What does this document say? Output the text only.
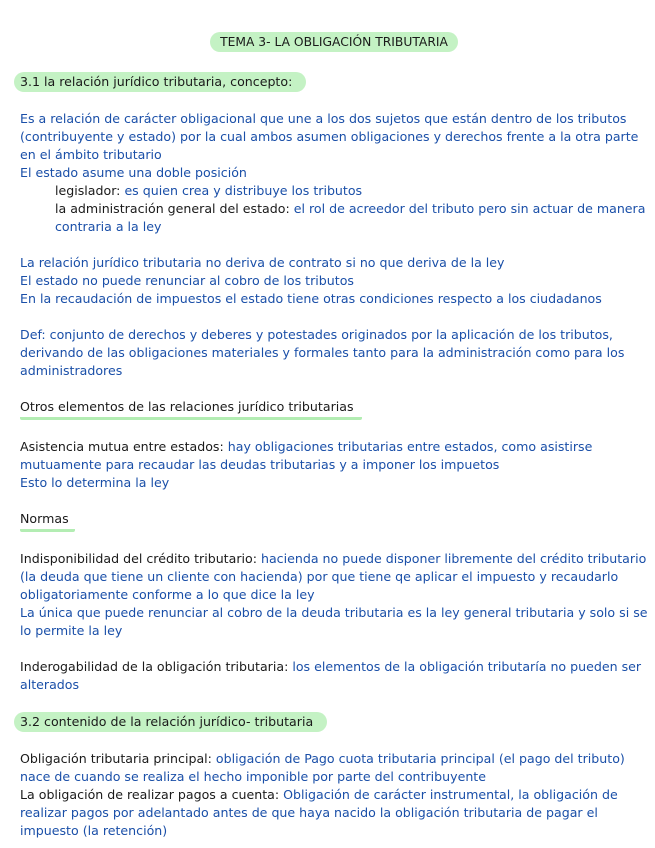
TEMA 3- LA OBLIGACIÓN TRIBUTARIA
3.1 la relación jurídico tributaria, concepto:

Es a relación de carácter obligacional que une a los dos sujetos que están dentro de los tributos (contribuyente y estado) por la cual ambos asumen obligaciones y derechos frente a la otra parte en el ámbito tributario

El estado asume una doble posición

legislador: es quien crea y distribuye los tributos

la administración general del estado: el rol de acreedor del tributo pero sin actuar de manera contraria a la ley

La relación jurídico tributaria no deriva de contrato si no que deriva de la ley

El estado no puede renunciar al cobro de los tributos

En la recaudación de impuestos el estado tiene otras condiciones respecto a los ciudadanos

Def: conjunto de derechos y deberes y potestades originados por la aplicación de los tributos, derivando de las obligaciones materiales y formales tanto para la administración como para los administradores

Otros elementos de las relaciones jurídico tributarias

Asistencia mutua entre estados: hay obligaciones tributarias entre estados, como asistirse mutuamente para recaudar las deudas tributarias y a imponer los impuetos

Esto lo determina la ley

Normas

Indisponibilidad del crédito tributario: hacienda no puede disponer libremente del crédito tributario (la deuda que tiene un cliente con hacienda) por que tiene qe aplicar el impuesto y recaudarlo obligatoriamente conforme a lo que dice la ley

La única que puede renunciar al cobro de la deuda tributaria es la ley general tributaria y solo si se lo permite la ley

Inderogabilidad de la obligación tributaria: los elementos de la obligación tributaría no pueden ser alterados

3.2 contenido de la relación jurídico- tributaria

Obligación tributaria principal: obligación de Pago cuota tributaria principal (el pago del tributo) nace de cuando se realiza el hecho imponible por parte del contribuyente

La obligación de realizar pagos a cuenta: Obligación de carácter instrumental, la obligación de realizar pagos por adelantado antes de que haya nacido la obligación tributaria de pagar el impuesto (la retención)
